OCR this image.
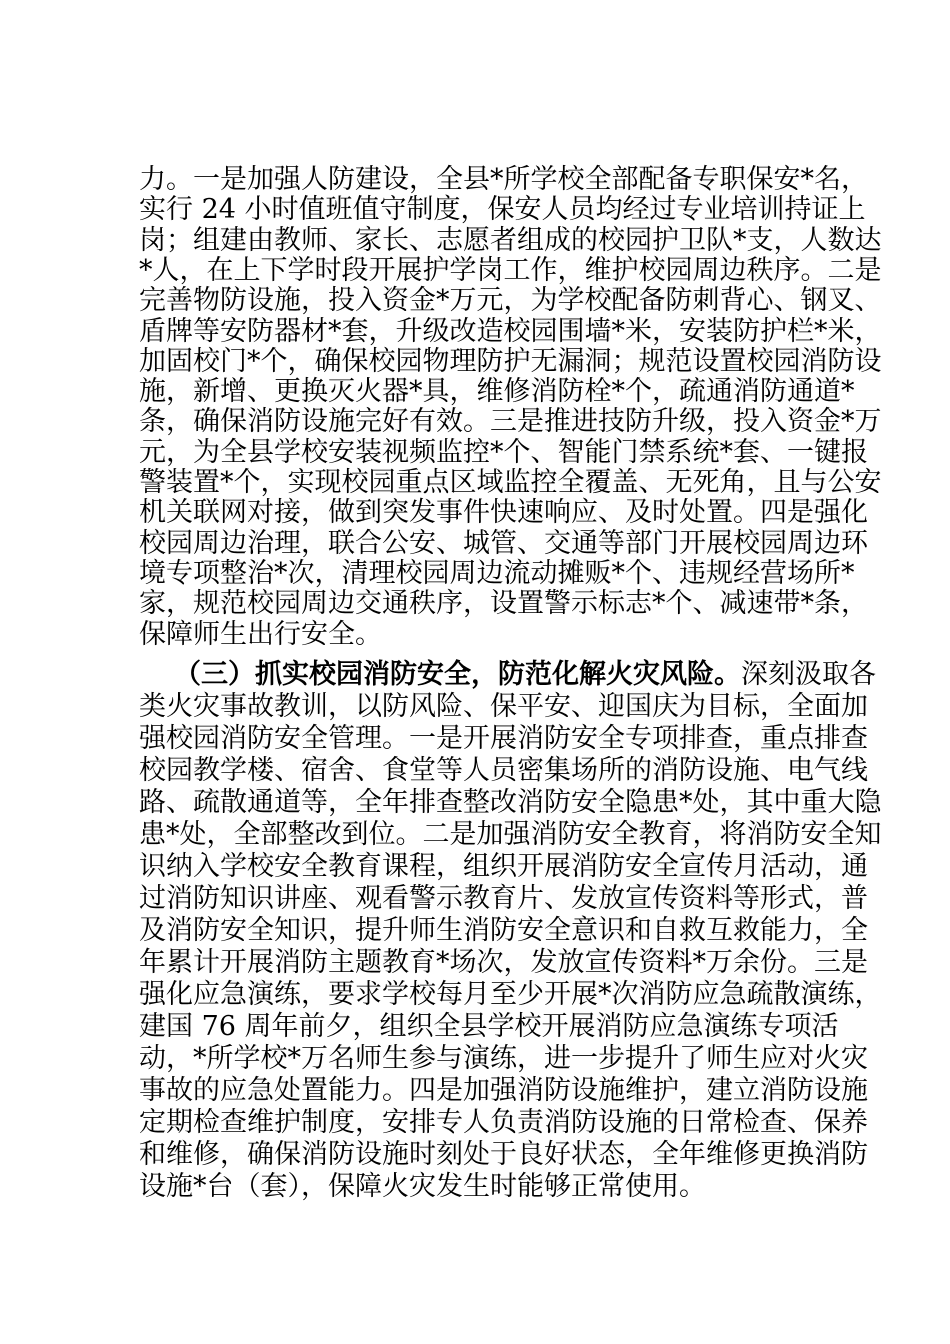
力。一是加强人防建设，全县*所学校全部配备专职保安*名，
实行 24 小时值班值守制度，保安人员均经过专业培训持证上
岗；组建由教师、家长、志愿者组成的校园护卫队*支，人数达
*人，在上下学时段开展护学岗工作，维护校园周边秩序。二是
完善物防设施，投入资金*万元，为学校配备防刺背心、钢叉、
盾牌等安防器材*套，升级改造校园围墙*米，安装防护栏*米，
加固校门*个，确保校园物理防护无漏洞；规范设置校园消防设
施，新增、更换灭火器*具，维修消防栓*个，疏通消防通道*
条，确保消防设施完好有效。三是推进技防升级，投入资金*万
元，为全县学校安装视频监控*个、智能门禁系统*套、一键报
警装置*个，实现校园重点区域监控全覆盖、无死角，且与公安
机关联网对接，做到突发事件快速响应、及时处置。四是强化
校园周边治理，联合公安、城管、交通等部门开展校园周边环
境专项整治*次，清理校园周边流动摊贩*个、违规经营场所*
家，规范校园周边交通秩序，设置警示标志*个、减速带*条，
保障师生出行安全。
（三）抓实校园消防安全，防范化解火灾风险。深刻汲取各
类火灾事故教训，以防风险、保平安、迎国庆为目标，全面加
强校园消防安全管理。一是开展消防安全专项排查，重点排查
校园教学楼、宿舍、食堂等人员密集场所的消防设施、电气线
路、疏散通道等，全年排查整改消防安全隐患*处，其中重大隐
患*处，全部整改到位。二是加强消防安全教育，将消防安全知
识纳入学校安全教育课程，组织开展消防安全宣传月活动，通
过消防知识讲座、观看警示教育片、发放宣传资料等形式，普
及消防安全知识，提升师生消防安全意识和自救互救能力，全
年累计开展消防主题教育*场次，发放宣传资料*万余份。三是
强化应急演练，要求学校每月至少开展*次消防应急疏散演练，
建国 76 周年前夕，组织全县学校开展消防应急演练专项活
动，*所学校*万名师生参与演练，进一步提升了师生应对火灾
事故的应急处置能力。四是加强消防设施维护，建立消防设施
定期检查维护制度，安排专人负责消防设施的日常检查、保养
和维修，确保消防设施时刻处于良好状态，全年维修更换消防
设施*台（套），保障火灾发生时能够正常使用。
